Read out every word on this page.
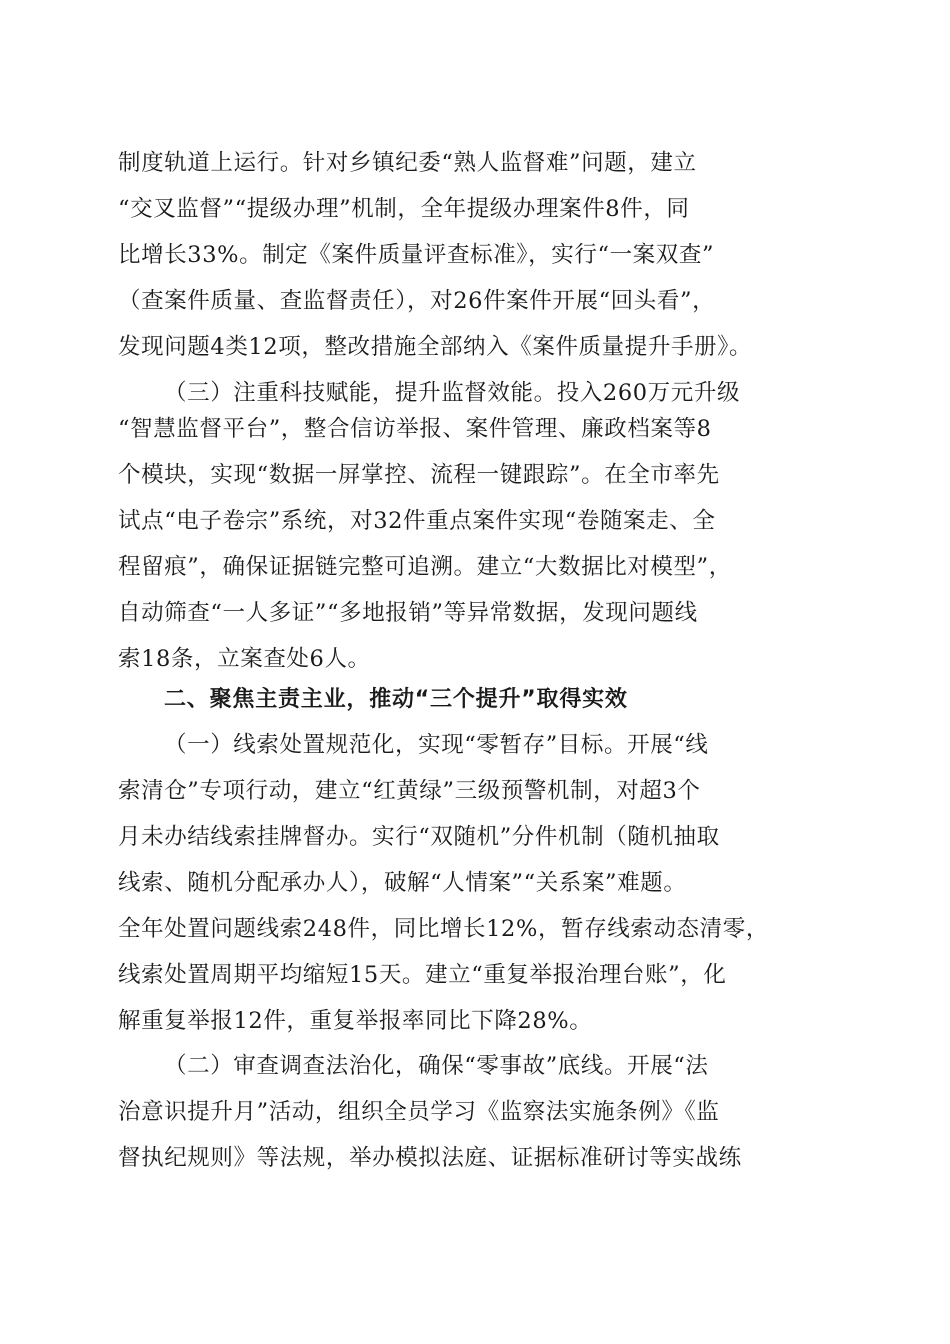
制度轨道上运行。针对乡镇纪委“熟人监督难”问题，建立
“交叉监督”“提级办理”机制，全年提级办理案件8件，同
比增长33%。制定《案件质量评查标准》，实行“一案双查”
（查案件质量、查监督责任），对26件案件开展“回头看”，
发现问题4类12项，整改措施全部纳入《案件质量提升手册》。
（三）注重科技赋能，提升监督效能。投入260万元升级
“智慧监督平台”，整合信访举报、案件管理、廉政档案等8
个模块，实现“数据一屏掌控、流程一键跟踪”。在全市率先
试点“电子卷宗”系统，对32件重点案件实现“卷随案走、全
程留痕”，确保证据链完整可追溯。建立“大数据比对模型”，
自动筛查“一人多证”“多地报销”等异常数据，发现问题线
索18条，立案查处6人。
二、聚焦主责主业，推动“三个提升”取得实效
（一）线索处置规范化，实现“零暂存”目标。开展“线
索清仓”专项行动，建立“红黄绿”三级预警机制，对超3个
月未办结线索挂牌督办。实行“双随机”分件机制（随机抽取
线索、随机分配承办人），破解“人情案”“关系案”难题。
全年处置问题线索248件，同比增长12%，暂存线索动态清零，
线索处置周期平均缩短15天。建立“重复举报治理台账”，化
解重复举报12件，重复举报率同比下降28%。
（二）审查调查法治化，确保“零事故”底线。开展“法
治意识提升月”活动，组织全员学习《监察法实施条例》《监
督执纪规则》等法规，举办模拟法庭、证据标准研讨等实战练
